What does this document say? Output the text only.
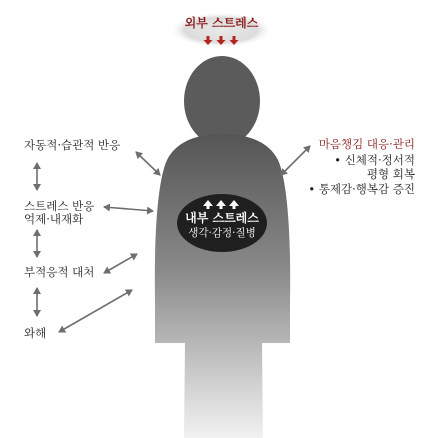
외부 스트레스
내부 스트레스
생각·감정·질병
자동적·습관적 반응
스트레스 반응
억제·내재화
부적응적 대처
와해
마음챙김 대응·관리
• 신체적·정서적
평형 회복
• 통제감·행복감 증진
